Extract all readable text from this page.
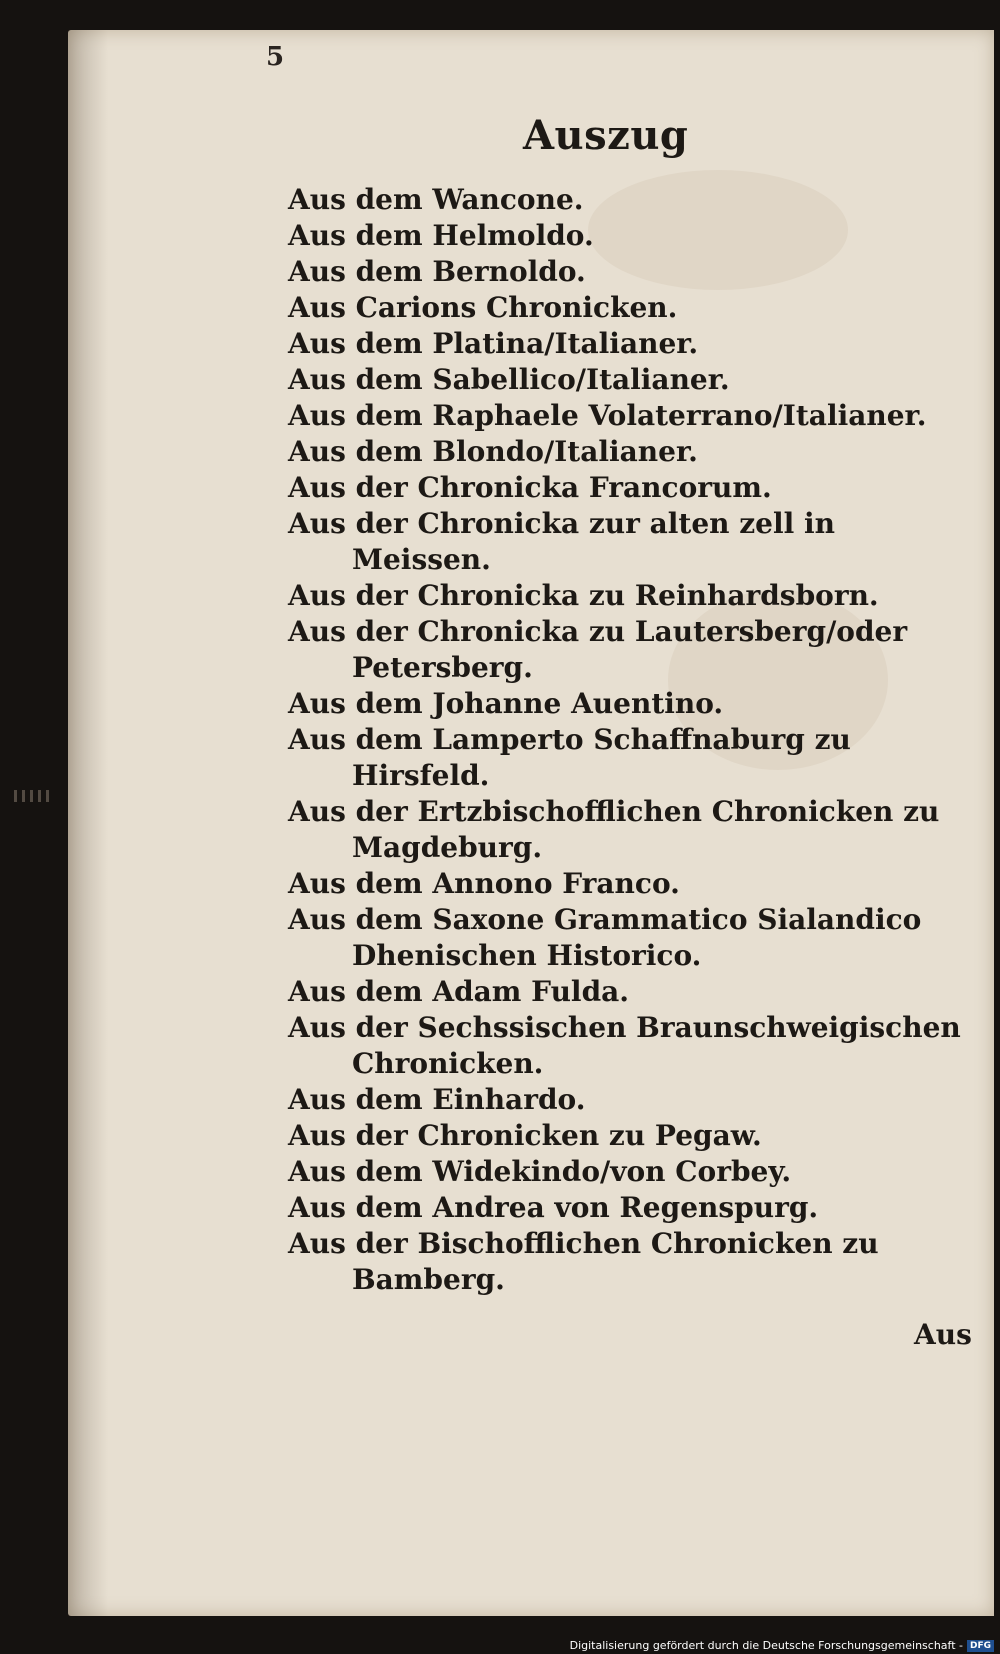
5
Auszug
Aus dem Wancone.
Aus dem Helmoldo.
Aus dem Bernoldo.
Aus Carions Chronicken.
Aus dem Platina/Italianer.
Aus dem Sabellico/Italianer.
Aus dem Raphaele Volaterrano/Italianer.
Aus dem Blondo/Italianer.
Aus der Chronicka Francorum.
Aus der Chronicka zur alten zell in Meissen.
Aus der Chronicka zu Reinhardsborn.
Aus der Chronicka zu Lautersberg/oder Petersberg.
Aus dem Johanne Auentino.
Aus dem Lamperto Schaffnaburg zu Hirsfeld.
Aus der Ertzbischofflichen Chronicken zu Magdeburg.
Aus dem Annono Franco.
Aus dem Saxone Grammatico Sialandico Dhenischen Historico.
Aus dem Adam Fulda.
Aus der Sechssischen Braunschweigischen Chronicken.
Aus dem Einhardo.
Aus der Chronicken zu Pegaw.
Aus dem Widekindo/von Corbey.
Aus dem Andrea von Regenspurg.
Aus der Bischofflichen Chronicken zu Bamberg.
Aus
Digitalisierung gefördert durch die Deutsche Forschungsgemeinschaft - DFG
